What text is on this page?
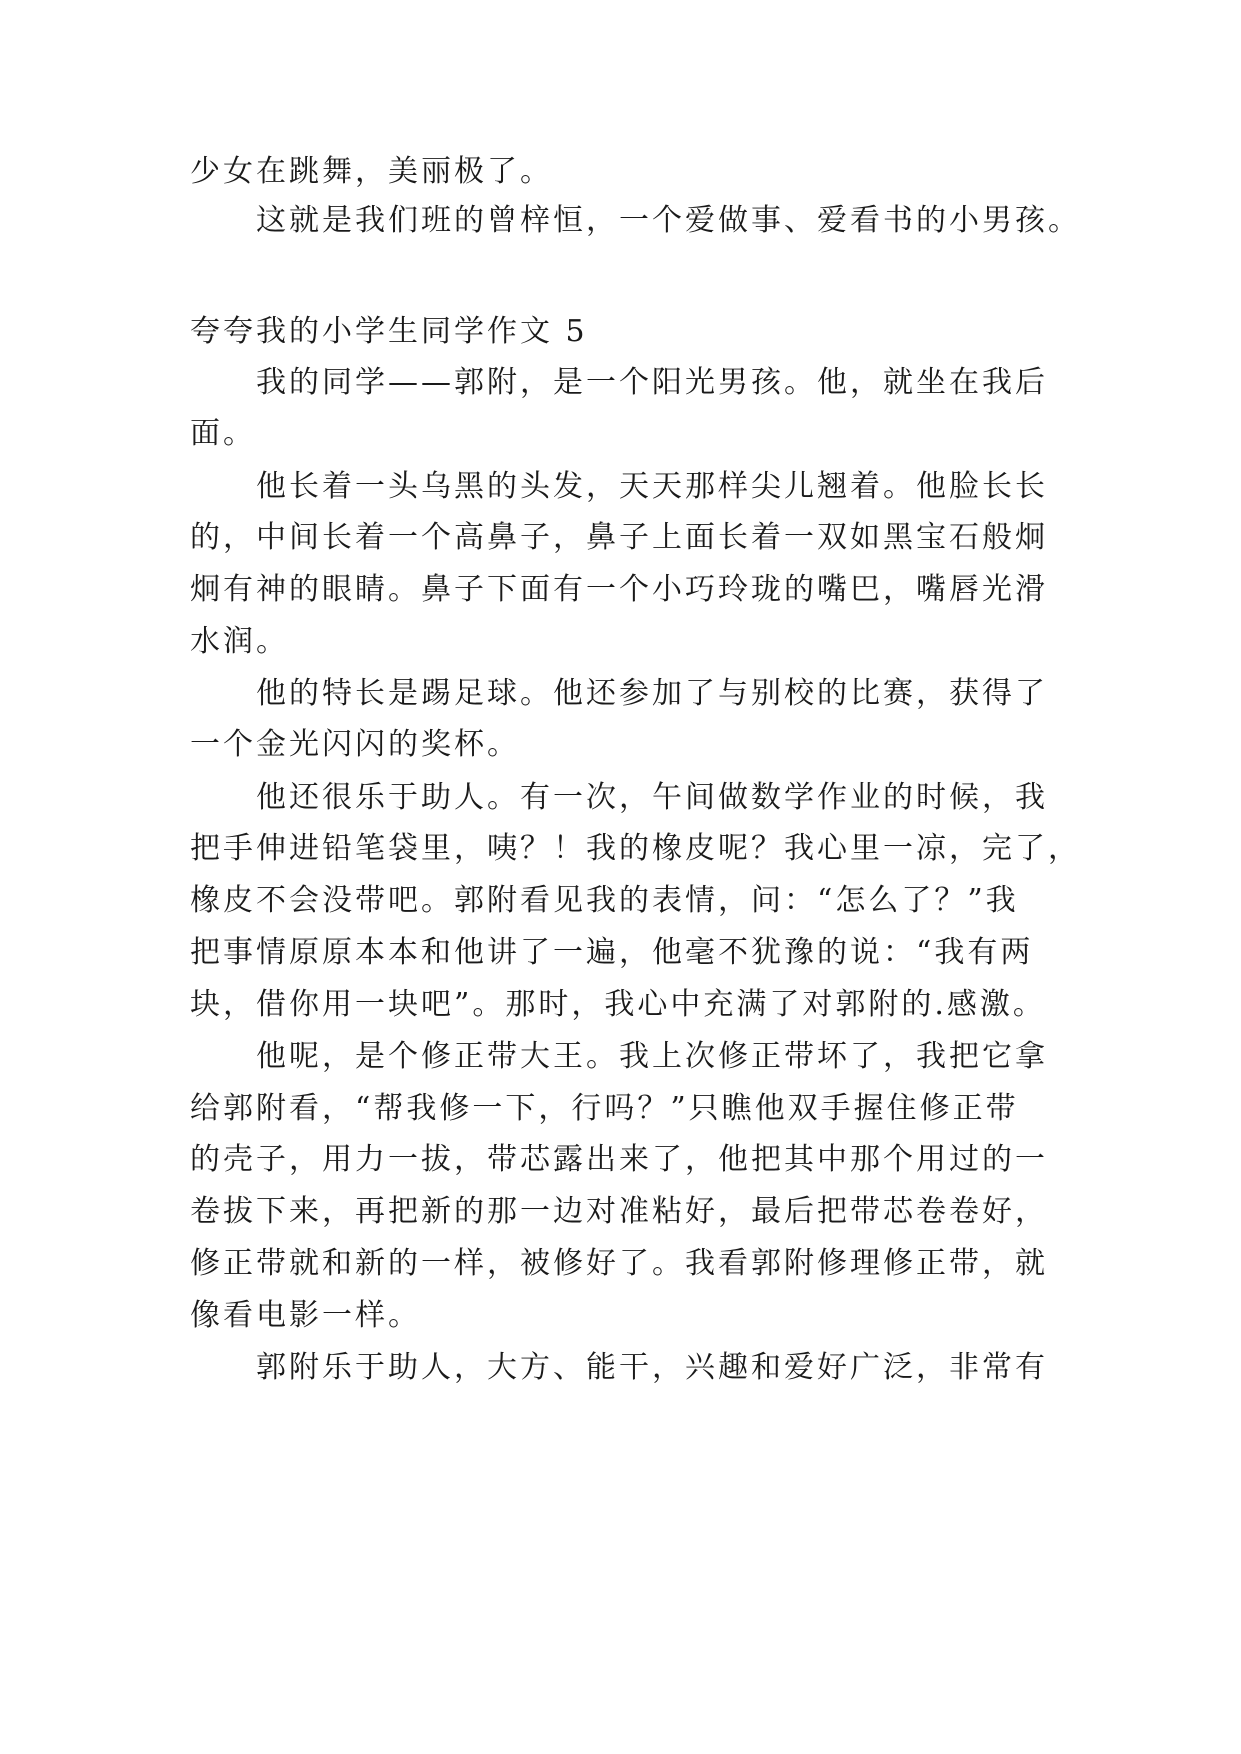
少女在跳舞，美丽极了。
这就是我们班的曾梓恒，一个爱做事、爱看书的小男孩。
夸夸我的小学生同学作文 5
我的同学——郭附，是一个阳光男孩。他，就坐在我后
面。
他长着一头乌黑的头发，天天那样尖儿翘着。他脸长长
的，中间长着一个高鼻子，鼻子上面长着一双如黑宝石般炯
炯有神的眼睛。鼻子下面有一个小巧玲珑的嘴巴，嘴唇光滑
水润。
他的特长是踢足球。他还参加了与别校的比赛，获得了
一个金光闪闪的奖杯。
他还很乐于助人。有一次，午间做数学作业的时候，我
把手伸进铅笔袋里，咦？！我的橡皮呢？我心里一凉，完了，
橡皮不会没带吧。郭附看见我的表情，问：“怎么了？”我
把事情原原本本和他讲了一遍，他毫不犹豫的说：“我有两
块，借你用一块吧”。那时，我心中充满了对郭附的.感激。
他呢，是个修正带大王。我上次修正带坏了，我把它拿
给郭附看，“帮我修一下，行吗？”只瞧他双手握住修正带
的壳子，用力一拔，带芯露出来了，他把其中那个用过的一
卷拔下来，再把新的那一边对准粘好，最后把带芯卷卷好，
修正带就和新的一样，被修好了。我看郭附修理修正带，就
像看电影一样。
郭附乐于助人，大方、能干，兴趣和爱好广泛，非常有
